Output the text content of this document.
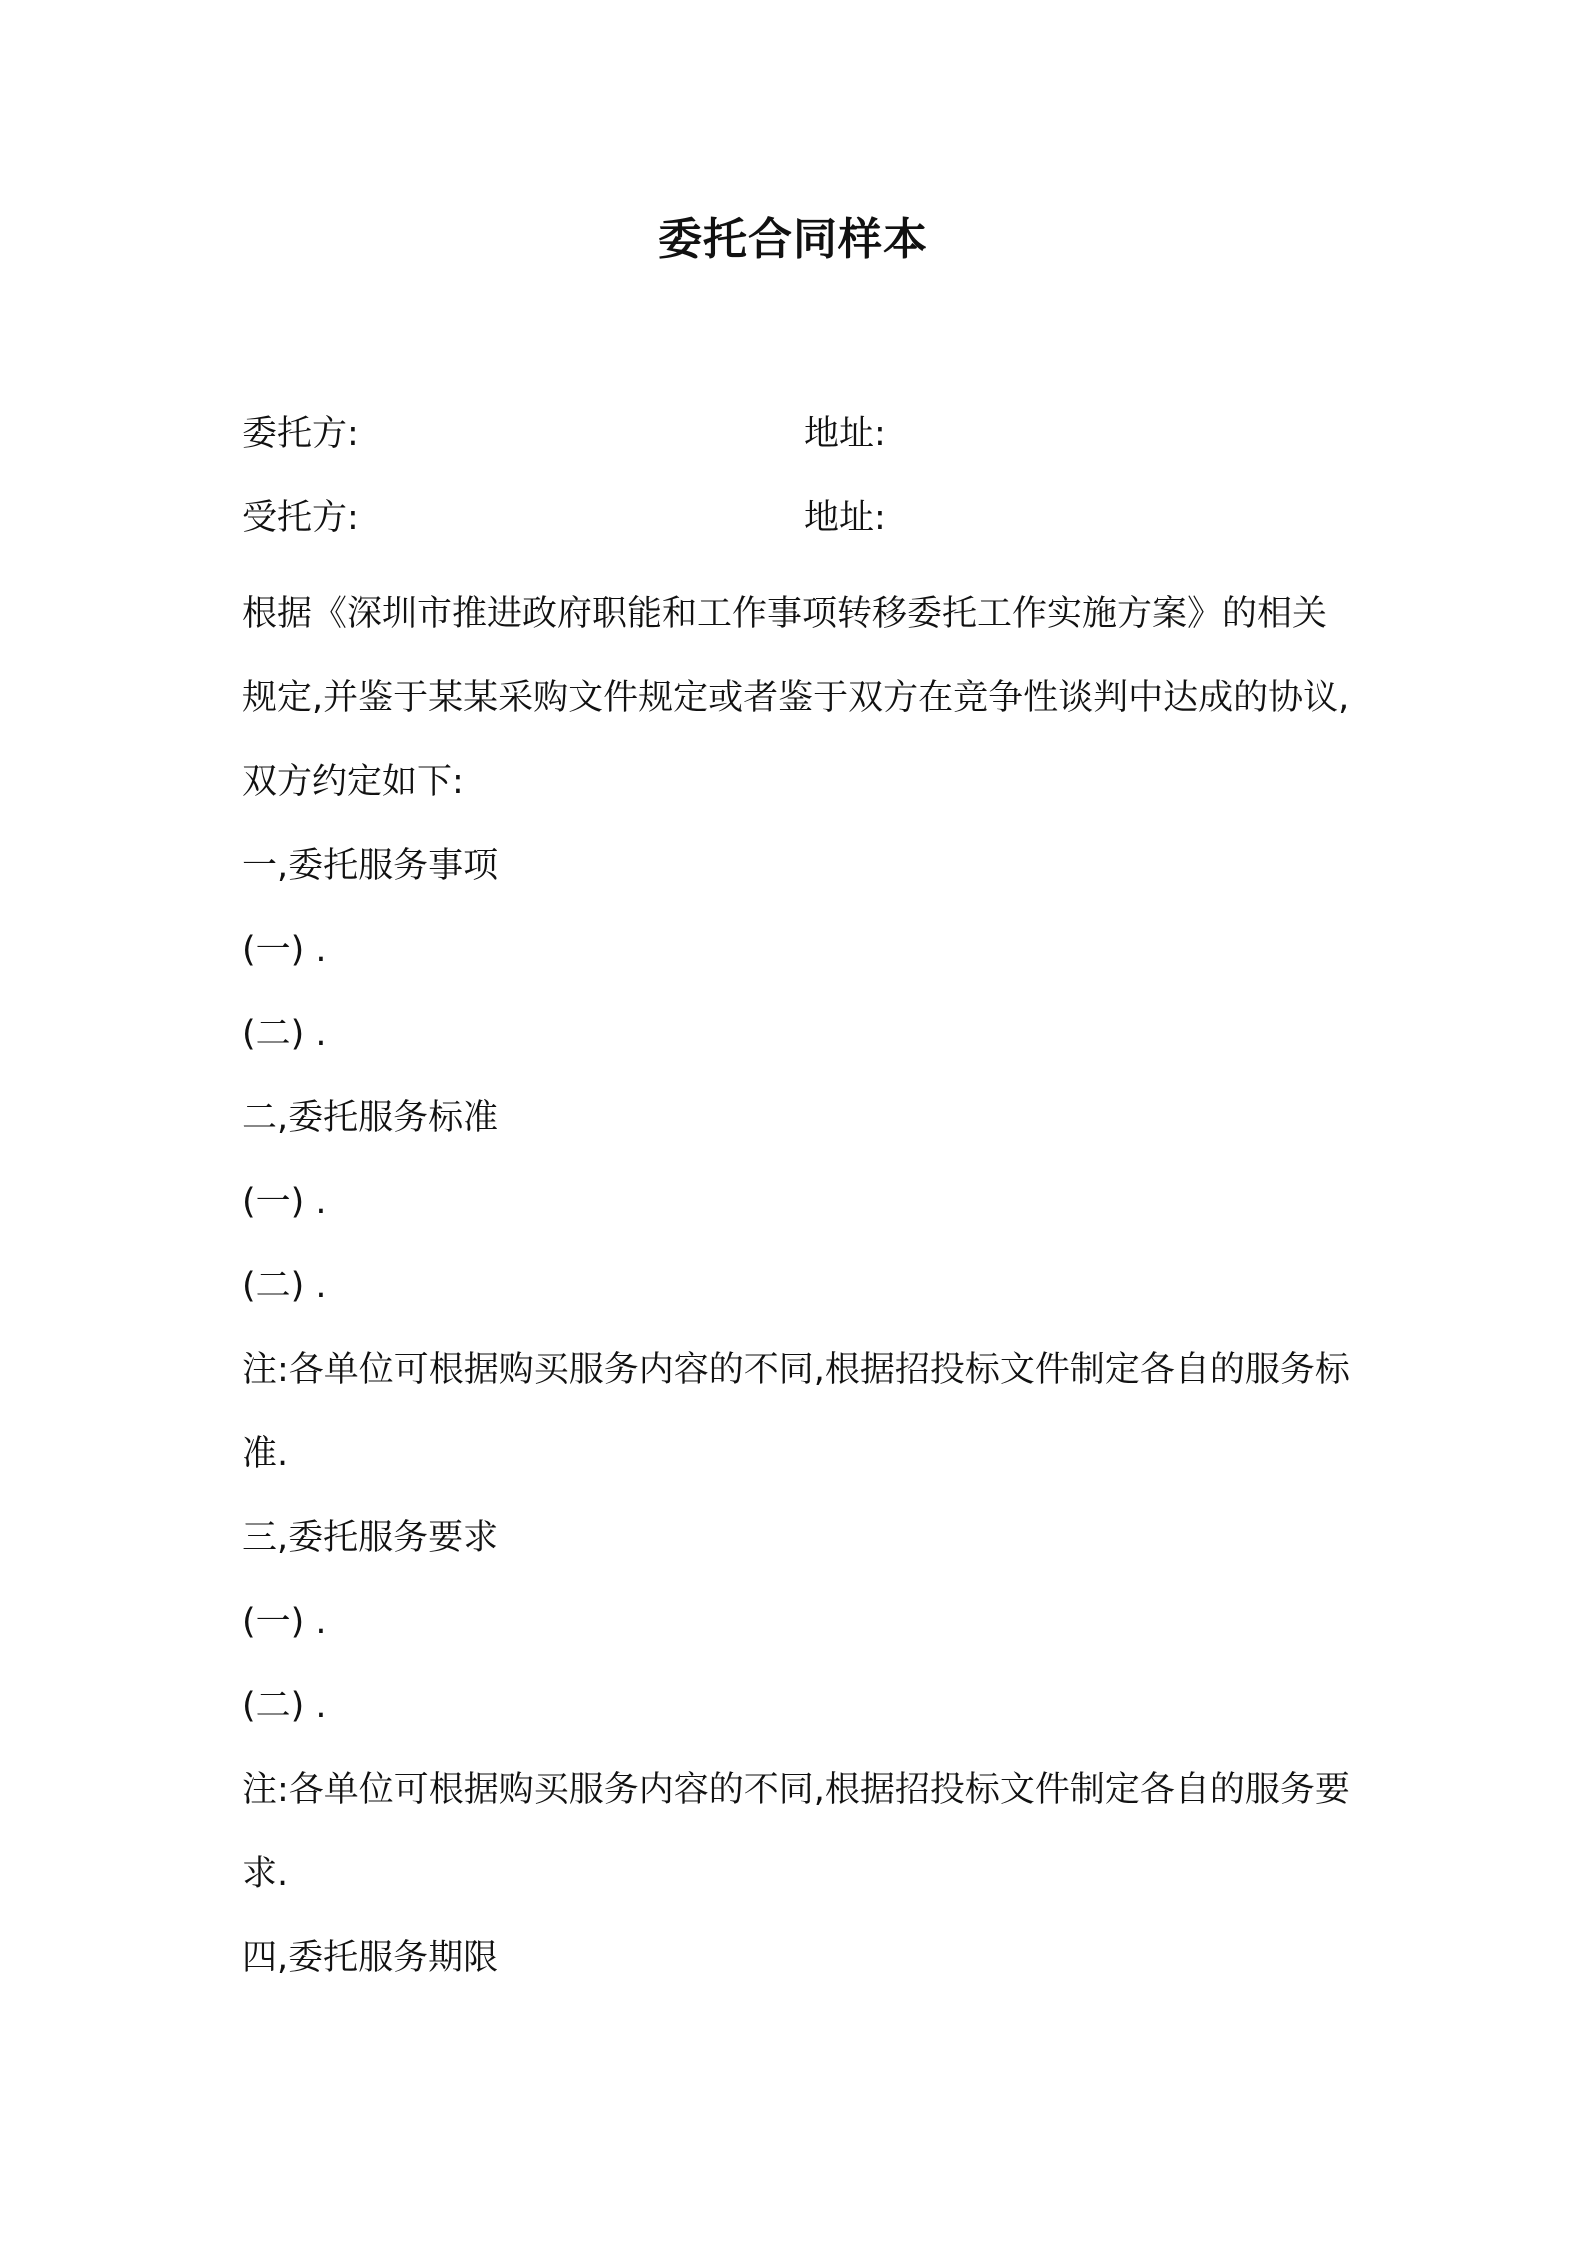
委托合同样本
委托方:	地址:
受托方:	地址:

根据《深圳市推进政府职能和工作事项转移委托工作实施方案》的相关规定,并鉴于某某采购文件规定或者鉴于双方在竞争性谈判中达成的协议,双方约定如下:

一,委托服务事项

(一) .

(二) .

二,委托服务标准

(一) .

(二) .

注:各单位可根据购买服务内容的不同,根据招投标文件制定各自的服务标准.

三,委托服务要求

(一) .

(二) .

注:各单位可根据购买服务内容的不同,根据招投标文件制定各自的服务要求.

四,委托服务期限
